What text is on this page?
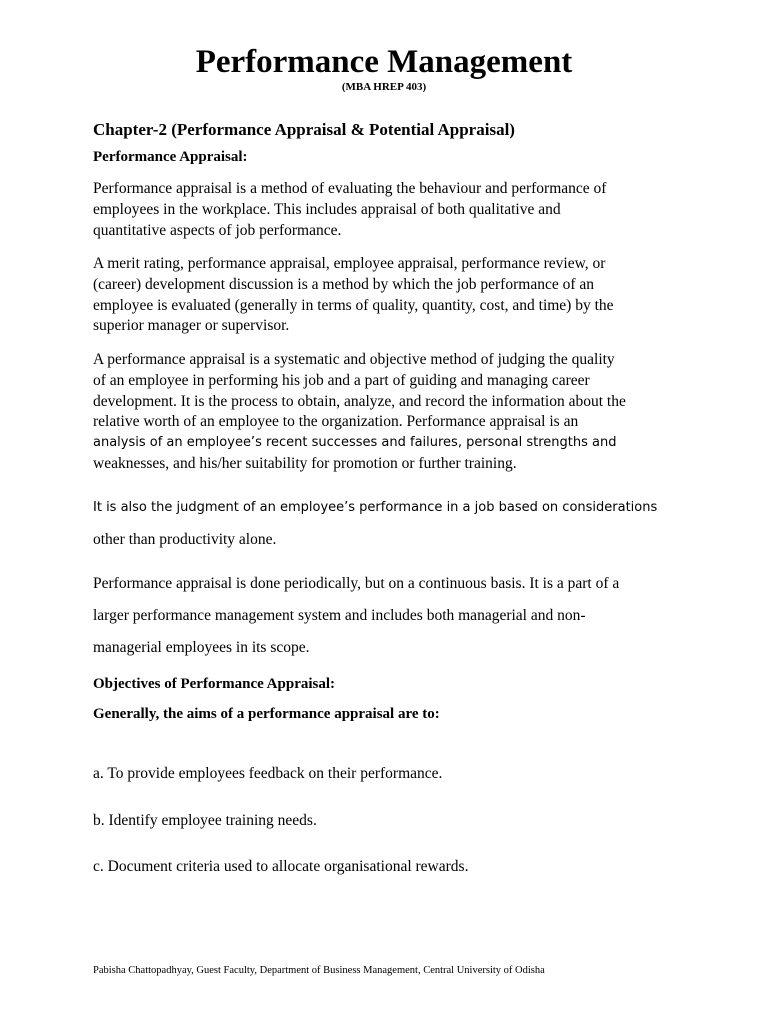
Performance Management
(MBA HREP 403)
Chapter-2 (Performance Appraisal & Potential Appraisal)
Performance Appraisal:
Performance appraisal is a method of evaluating the behaviour and performance of
employees in the workplace. This includes appraisal of both qualitative and
quantitative aspects of job performance.
A merit rating, performance appraisal, employee appraisal, performance review, or
(career) development discussion is a method by which the job performance of an
employee is evaluated (generally in terms of quality, quantity, cost, and time) by the
superior manager or supervisor.
A performance appraisal is a systematic and objective method of judging the quality
of an employee in performing his job and a part of guiding and managing career
development. It is the process to obtain, analyze, and record the information about the
relative worth of an employee to the organization. Performance appraisal is an
analysis of an employee’s recent successes and failures, personal strengths and
weaknesses, and his/her suitability for promotion or further training.
It is also the judgment of an employee’s performance in a job based on considerations
other than productivity alone.
Performance appraisal is done periodically, but on a continuous basis. It is a part of a
larger performance management system and includes both managerial and non-
managerial employees in its scope.
Objectives of Performance Appraisal:
Generally, the aims of a performance appraisal are to:
a. To provide employees feedback on their performance.
b. Identify employee training needs.
c. Document criteria used to allocate organisational rewards.
Pabisha Chattopadhyay, Guest Faculty, Department of Business Management, Central University of Odisha
